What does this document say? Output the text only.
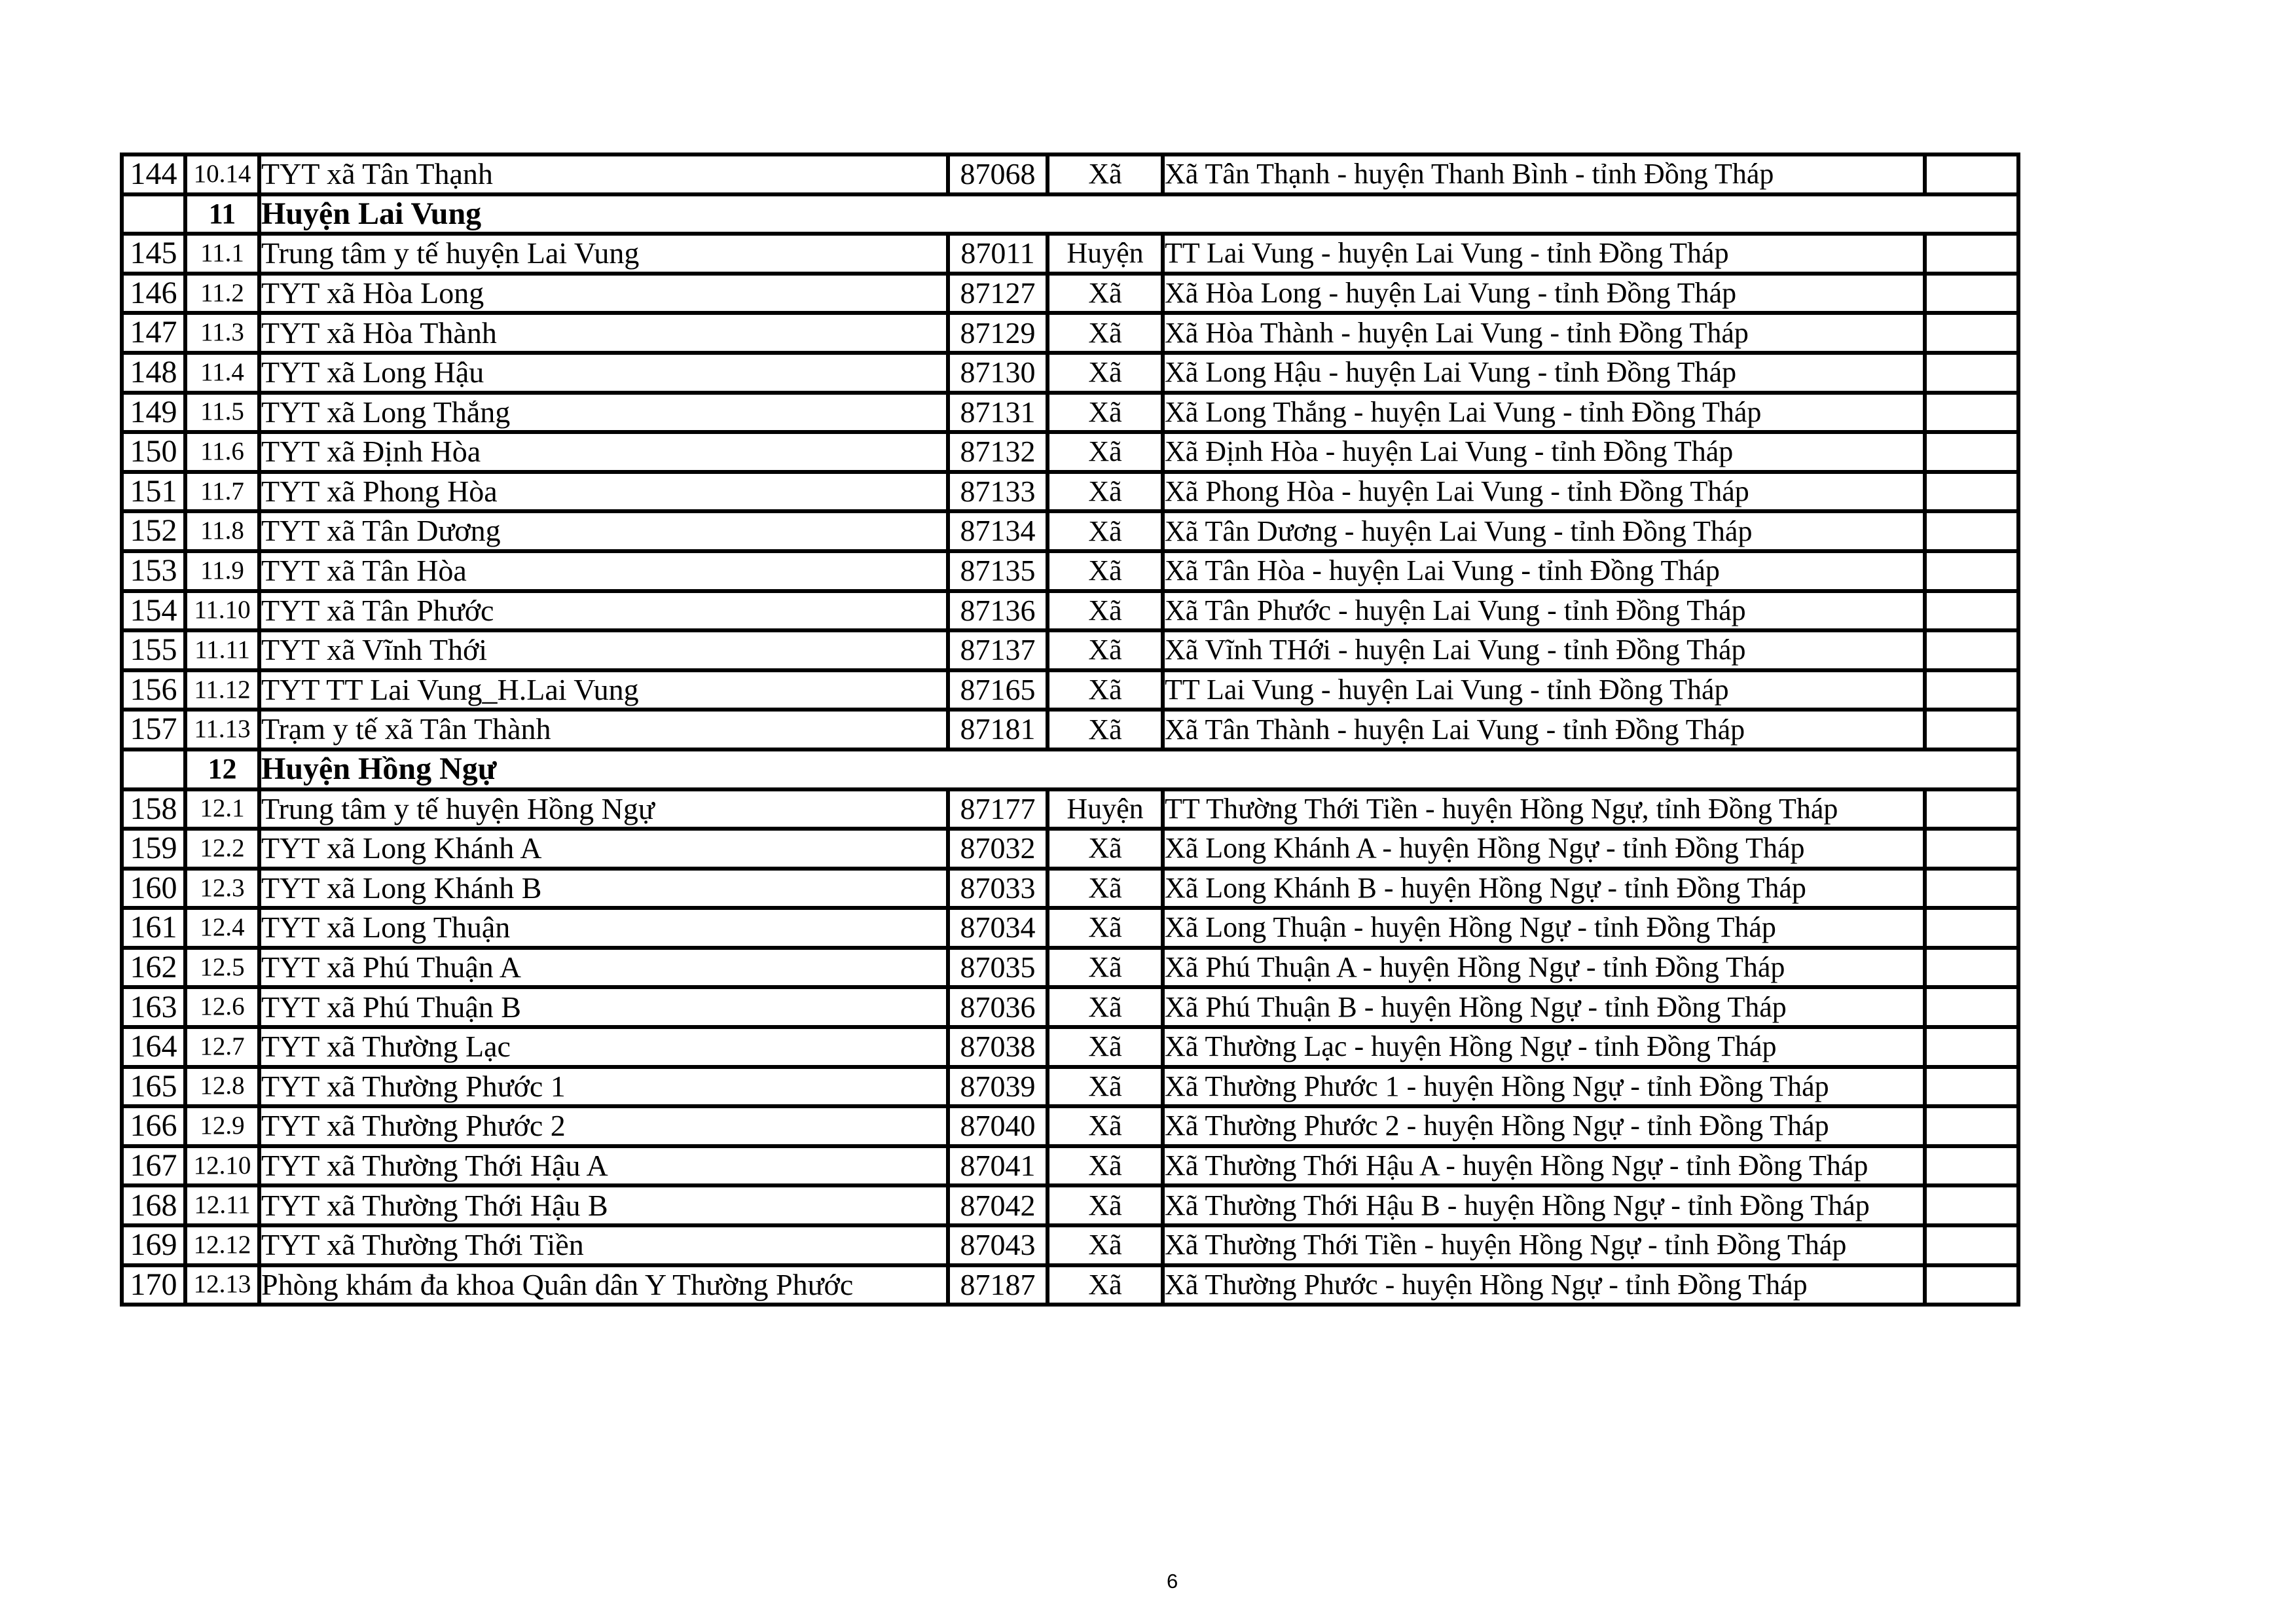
144	10.14	TYT xã Tân Thạnh	87068	Xã	Xã Tân Thạnh - huyện Thanh Bình - tỉnh Đồng Tháp	
	11	Huyện Lai Vung				
145	11.1	Trung tâm y tế huyện Lai Vung	87011	Huyện	TT Lai Vung - huyện Lai Vung - tỉnh Đồng Tháp	
146	11.2	TYT xã Hòa Long	87127	Xã	Xã Hòa Long - huyện Lai Vung - tỉnh Đồng Tháp	
147	11.3	TYT xã Hòa Thành	87129	Xã	Xã Hòa Thành - huyện Lai Vung - tỉnh Đồng Tháp	
148	11.4	TYT xã Long Hậu	87130	Xã	Xã Long Hậu - huyện Lai Vung - tỉnh Đồng Tháp	
149	11.5	TYT xã Long Thắng	87131	Xã	Xã Long Thắng - huyện Lai Vung - tỉnh Đồng Tháp	
150	11.6	TYT xã Định Hòa	87132	Xã	Xã Định Hòa - huyện Lai Vung - tỉnh Đồng Tháp	
151	11.7	TYT xã Phong Hòa	87133	Xã	Xã Phong Hòa - huyện Lai Vung - tỉnh Đồng Tháp	
152	11.8	TYT xã Tân Dương	87134	Xã	Xã Tân Dương - huyện Lai Vung - tỉnh Đồng Tháp	
153	11.9	TYT xã Tân Hòa	87135	Xã	Xã Tân Hòa - huyện Lai Vung - tỉnh Đồng Tháp	
154	11.10	TYT xã Tân Phước	87136	Xã	Xã Tân Phước - huyện Lai Vung - tỉnh Đồng Tháp	
155	11.11	TYT xã Vĩnh Thới	87137	Xã	Xã Vĩnh THới - huyện Lai Vung - tỉnh Đồng Tháp	
156	11.12	TYT TT Lai Vung_H.Lai Vung	87165	Xã	TT Lai Vung - huyện Lai Vung - tỉnh Đồng Tháp	
157	11.13	Trạm y tế xã Tân Thành	87181	Xã	Xã Tân Thành - huyện Lai Vung - tỉnh Đồng Tháp	
	12	Huyện Hồng Ngự				
158	12.1	Trung tâm y tế huyện Hồng Ngự	87177	Huyện	TT Thường Thới Tiền - huyện Hồng Ngự, tỉnh Đồng Tháp	
159	12.2	TYT xã Long Khánh A	87032	Xã	Xã Long Khánh A - huyện Hồng Ngự - tỉnh Đồng Tháp	
160	12.3	TYT xã Long Khánh B	87033	Xã	Xã Long Khánh B - huyện Hồng Ngự - tỉnh Đồng Tháp	
161	12.4	TYT xã Long Thuận	87034	Xã	Xã Long Thuận - huyện Hồng Ngự - tỉnh Đồng Tháp	
162	12.5	TYT xã Phú Thuận A	87035	Xã	Xã Phú Thuận A - huyện Hồng Ngự - tỉnh Đồng Tháp	
163	12.6	TYT xã Phú Thuận B	87036	Xã	Xã Phú Thuận B - huyện Hồng Ngự - tỉnh Đồng Tháp	
164	12.7	TYT xã Thường Lạc	87038	Xã	Xã Thường Lạc - huyện Hồng Ngự - tỉnh Đồng Tháp	
165	12.8	TYT xã Thường Phước 1	87039	Xã	Xã Thường Phước 1 - huyện Hồng Ngự - tỉnh Đồng Tháp	
166	12.9	TYT xã Thường Phước 2	87040	Xã	Xã Thường Phước 2 - huyện Hồng Ngự - tỉnh Đồng Tháp	
167	12.10	TYT xã Thường Thới Hậu A	87041	Xã	Xã Thường Thới Hậu A - huyện Hồng Ngự - tỉnh Đồng Tháp	
168	12.11	TYT xã Thường Thới Hậu B	87042	Xã	Xã Thường Thới Hậu B - huyện Hồng Ngự - tỉnh Đồng Tháp	
169	12.12	TYT xã Thường Thới Tiền	87043	Xã	Xã Thường Thới Tiền - huyện Hồng Ngự - tỉnh Đồng Tháp	
170	12.13	Phòng khám đa khoa Quân dân Y Thường Phước	87187	Xã	Xã Thường Phước - huyện Hồng Ngự - tỉnh Đồng Tháp	
6
